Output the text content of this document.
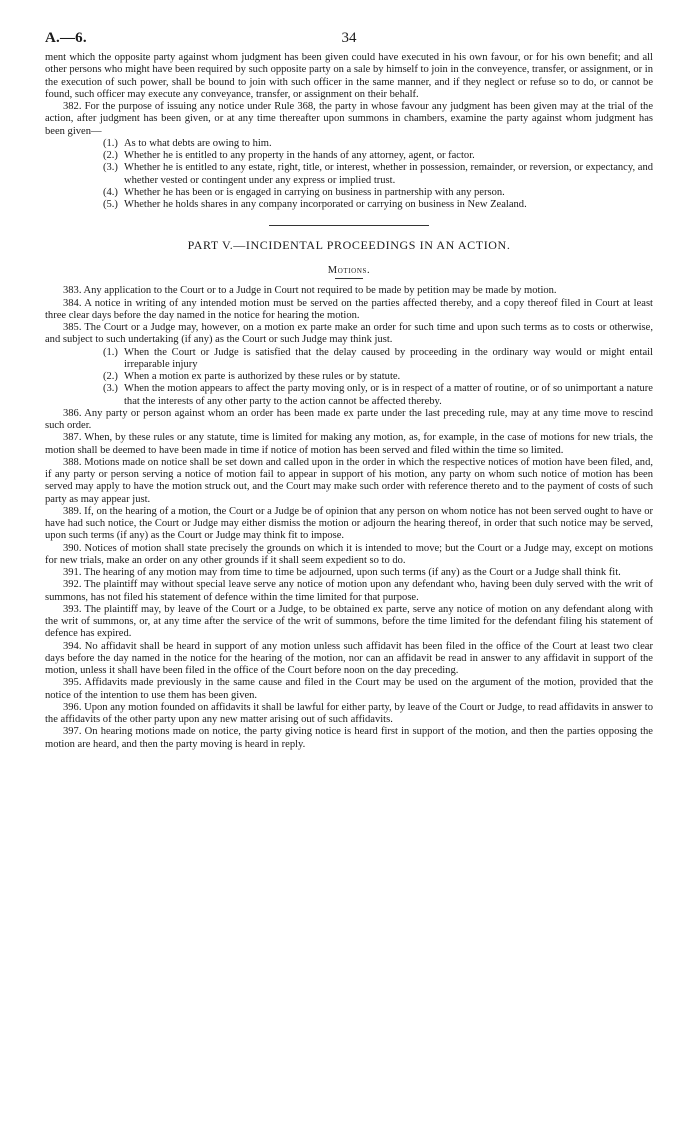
A.—6.	34

ment which the opposite party against whom judgment has been given could have executed in his own favour, or for his own benefit; and all other persons who might have been required by such opposite party on a sale by himself to join in the conveyence, transfer, or assignment, or in the execution of such power, shall be bound to join with such officer in the same manner, and if they neglect or refuse so to do, or cannot be found, such officer may execute any conveyance, transfer, or assignment on their behalf.

382. For the purpose of issuing any notice under Rule 368, the party in whose favour any judgment has been given may at the trial of the action, after judgment has been given, or at any time thereafter upon summons in chambers, examine the party against whom judgment has been given—

(1.) As to what debts are owing to him.
(2.) Whether he is entitled to any property in the hands of any attorney, agent, or factor.
(3.) Whether he is entitled to any estate, right, title, or interest, whether in possession, remainder, or reversion, or expectancy, and whether vested or contingent under any express or implied trust.
(4.) Whether he has been or is engaged in carrying on business in partnership with any person.
(5.) Whether he holds shares in any company incorporated or carrying on business in New Zealand.
PART V.—INCIDENTAL PROCEEDINGS IN AN ACTION.
Motions.

383. Any application to the Court or to a Judge in Court not required to be made by petition may be made by motion.

384. A notice in writing of any intended motion must be served on the parties affected thereby, and a copy thereof filed in Court at least three clear days before the day named in the notice for hearing the motion.

385. The Court or a Judge may, however, on a motion ex parte make an order for such time and upon such terms as to costs or otherwise, and subject to such undertaking (if any) as the Court or such Judge may think just.

(1.) When the Court or Judge is satisfied that the delay caused by proceeding in the ordinary way would or might entail irreparable injury
(2.) When a motion ex parte is authorized by these rules or by statute.
(3.) When the motion appears to affect the party moving only, or is in respect of a matter of routine, or of so unimportant a nature that the interests of any other party to the action cannot be affected thereby.

386. Any party or person against whom an order has been made ex parte under the last preceding rule, may at any time move to rescind such order.

387. When, by these rules or any statute, time is limited for making any motion, as, for example, in the case of motions for new trials, the motion shall be deemed to have been made in time if notice of motion has been served and filed within the time so limited.

388. Motions made on notice shall be set down and called upon in the order in which the respective notices of motion have been filed, and, if any party or person serving a notice of motion fail to appear in support of his motion, any party on whom such notice of motion has been served may apply to have the motion struck out, and the Court may make such order with reference thereto and to the payment of costs of such party as may appear just.

389. If, on the hearing of a motion, the Court or a Judge be of opinion that any person on whom notice has not been served ought to have or have had such notice, the Court or Judge may either dismiss the motion or adjourn the hearing thereof, in order that such notice may be served, upon such terms (if any) as the Court or Judge may think fit to impose.

390. Notices of motion shall state precisely the grounds on which it is intended to move; but the Court or a Judge may, except on motions for new trials, make an order on any other grounds if it shall seem expedient so to do.

391. The hearing of any motion may from time to time be adjourned, upon such terms (if any) as the Court or a Judge shall think fit.

392. The plaintiff may without special leave serve any notice of motion upon any defendant who, having been duly served with the writ of summons, has not filed his statement of defence within the time limited for that purpose.

393. The plaintiff may, by leave of the Court or a Judge, to be obtained ex parte, serve any notice of motion on any defendant along with the writ of summons, or, at any time after the service of the writ of summons, before the time limited for the defendant filing his statement of defence has expired.

394. No affidavit shall be heard in support of any motion unless such affidavit has been filed in the office of the Court at least two clear days before the day named in the notice for the hearing of the motion, nor can an affidavit be read in answer to any affidavit in support of the motion, unless it shall have been filed in the office of the Court before noon on the day preceding.

395. Affidavits made previously in the same cause and filed in the Court may be used on the argument of the motion, provided that the notice of the intention to use them has been given.

396. Upon any motion founded on affidavits it shall be lawful for either party, by leave of the Court or Judge, to read affidavits in answer to the affidavits of the other party upon any new matter arising out of such affidavits.

397. On hearing motions made on notice, the party giving notice is heard first in support of the motion, and then the parties opposing the motion are heard, and then the party moving is heard in reply.
